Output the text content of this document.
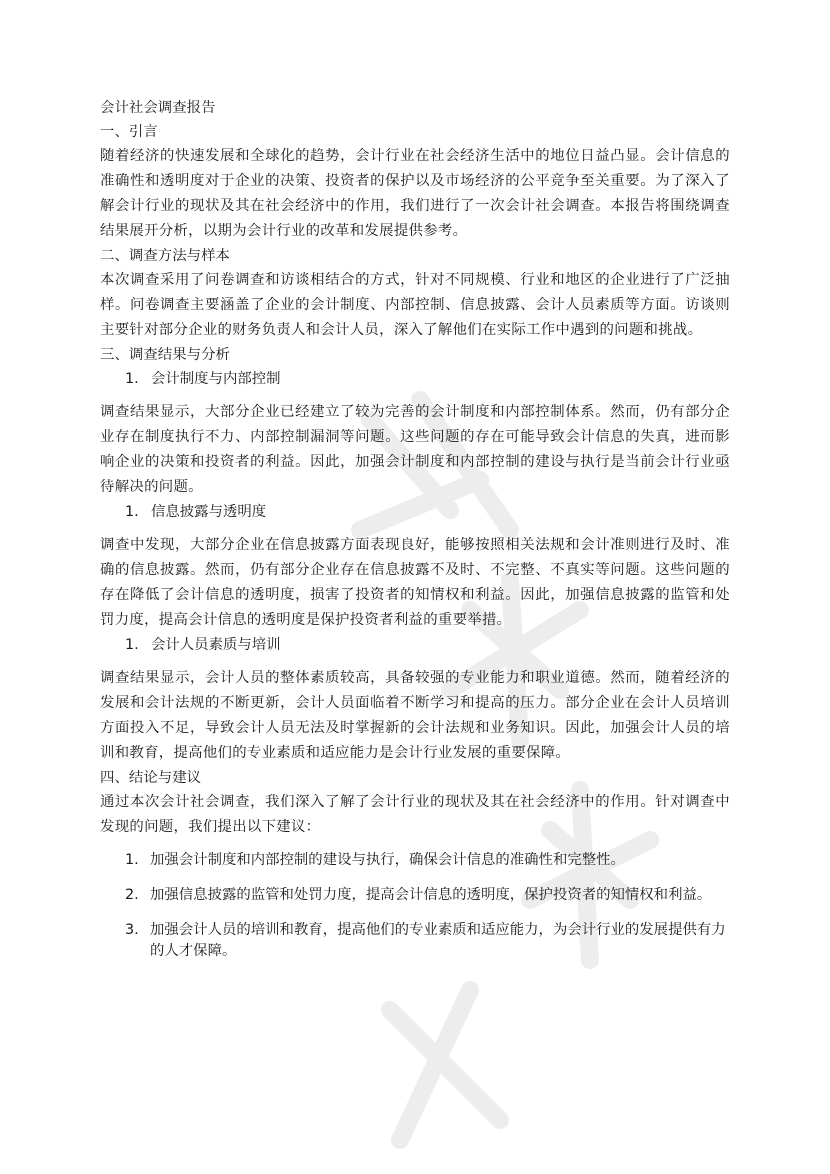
会计社会调查报告

一、引言

随着经济的快速发展和全球化的趋势，会计行业在社会经济生活中的地位日益凸显。会计信息的准确性和透明度对于企业的决策、投资者的保护以及市场经济的公平竞争至关重要。为了深入了解会计行业的现状及其在社会经济中的作用，我们进行了一次会计社会调查。本报告将围绕调查结果展开分析，以期为会计行业的改革和发展提供参考。

二、调查方法与样本

本次调查采用了问卷调查和访谈相结合的方式，针对不同规模、行业和地区的企业进行了广泛抽样。问卷调查主要涵盖了企业的会计制度、内部控制、信息披露、会计人员素质等方面。访谈则主要针对部分企业的财务负责人和会计人员，深入了解他们在实际工作中遇到的问题和挑战。

三、调查结果与分析

1. 会计制度与内部控制

调查结果显示，大部分企业已经建立了较为完善的会计制度和内部控制体系。然而，仍有部分企业存在制度执行不力、内部控制漏洞等问题。这些问题的存在可能导致会计信息的失真，进而影响企业的决策和投资者的利益。因此，加强会计制度和内部控制的建设与执行是当前会计行业亟待解决的问题。

1. 信息披露与透明度

调查中发现，大部分企业在信息披露方面表现良好，能够按照相关法规和会计准则进行及时、准确的信息披露。然而，仍有部分企业存在信息披露不及时、不完整、不真实等问题。这些问题的存在降低了会计信息的透明度，损害了投资者的知情权和利益。因此，加强信息披露的监管和处罚力度，提高会计信息的透明度是保护投资者利益的重要举措。

1. 会计人员素质与培训

调查结果显示，会计人员的整体素质较高，具备较强的专业能力和职业道德。然而，随着经济的发展和会计法规的不断更新，会计人员面临着不断学习和提高的压力。部分企业在会计人员培训方面投入不足，导致会计人员无法及时掌握新的会计法规和业务知识。因此，加强会计人员的培训和教育，提高他们的专业素质和适应能力是会计行业发展的重要保障。

四、结论与建议

通过本次会计社会调查，我们深入了解了会计行业的现状及其在社会经济中的作用。针对调查中发现的问题，我们提出以下建议：

1. 加强会计制度和内部控制的建设与执行，确保会计信息的准确性和完整性。
2. 加强信息披露的监管和处罚力度，提高会计信息的透明度，保护投资者的知情权和利益。
3. 加强会计人员的培训和教育，提高他们的专业素质和适应能力，为会计行业的发展提供有力的人才保障。
